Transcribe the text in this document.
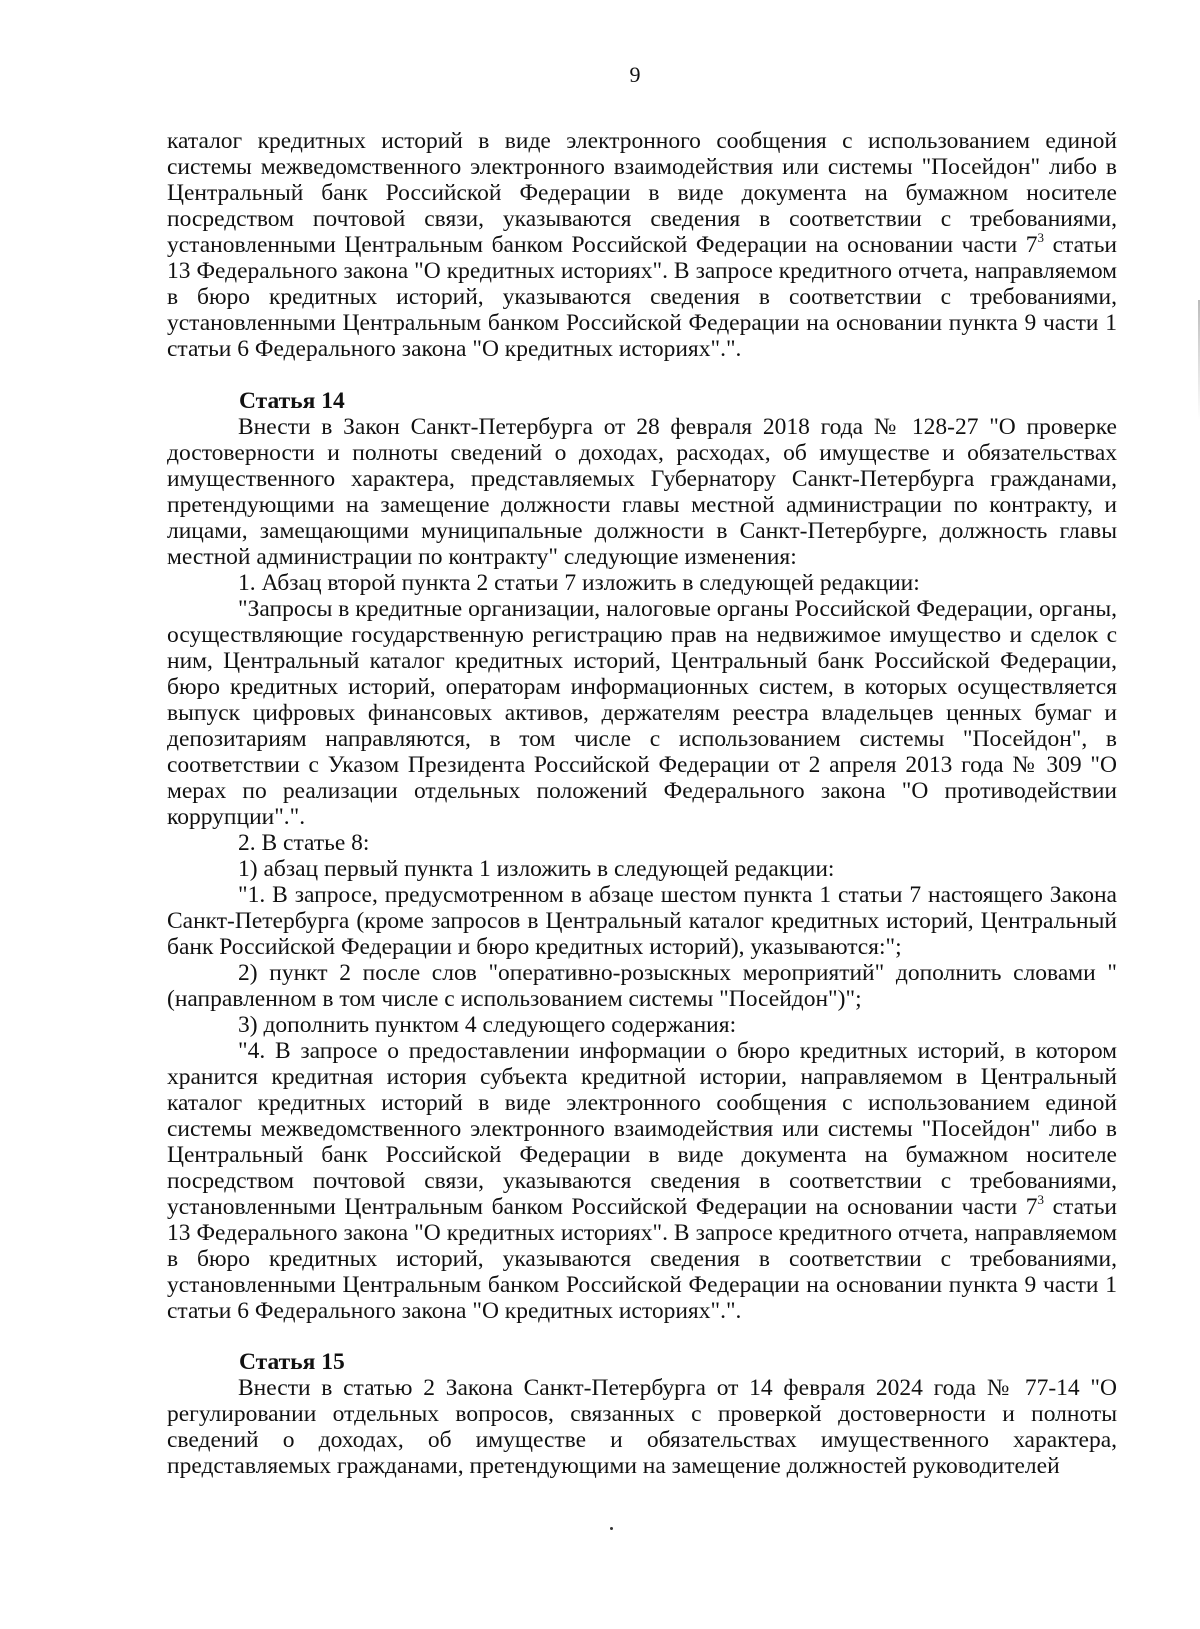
9

каталог кредитных историй в виде электронного сообщения с использованием единой системы межведомственного электронного взаимодействия или системы "Посейдон" либо в Центральный банк Российской Федерации в виде документа на бумажном носителе посредством почтовой связи, указываются сведения в соответствии с требованиями, установленными Центральным банком Российской Федерации на основании части $7^3$ статьи 13 Федерального закона "О кредитных историях". В запросе кредитного отчета, направляемом в бюро кредитных историй, указываются сведения в соответствии с требованиями, установленными Центральным банком Российской Федерации на основании пункта 9 части 1 статьи 6 Федерального закона "О кредитных историях".".

Статья 14

Внести в Закон Санкт-Петербурга от 28 февраля 2018 года № 128-27 "О проверке достоверности и полноты сведений о доходах, расходах, об имуществе и обязательствах имущественного характера, представляемых Губернатору Санкт-Петербурга гражданами, претендующими на замещение должности главы местной администрации по контракту, и лицами, замещающими муниципальные должности в Санкт-Петербурге, должность главы местной администрации по контракту" следующие изменения:

1. Абзац второй пункта 2 статьи 7 изложить в следующей редакции:

"Запросы в кредитные организации, налоговые органы Российской Федерации, органы, осуществляющие государственную регистрацию прав на недвижимое имущество и сделок с ним, Центральный каталог кредитных историй, Центральный банк Российской Федерации, бюро кредитных историй, операторам информационных систем, в которых осуществляется выпуск цифровых финансовых активов, держателям реестра владельцев ценных бумаг и депозитариям направляются, в том числе с использованием системы "Посейдон", в соответствии с Указом Президента Российской Федерации от 2 апреля 2013 года № 309 "О мерах по реализации отдельных положений Федерального закона "О противодействии коррупции".".

2. В статье 8:

1) абзац первый пункта 1 изложить в следующей редакции:

"1. В запросе, предусмотренном в абзаце шестом пункта 1 статьи 7 настоящего Закона Санкт-Петербурга (кроме запросов в Центральный каталог кредитных историй, Центральный банк Российской Федерации и бюро кредитных историй), указываются:";

2) пункт 2 после слов "оперативно-розыскных мероприятий" дополнить словами "(направленном в том числе с использованием системы "Посейдон")";

3) дополнить пунктом 4 следующего содержания:

"4. В запросе о предоставлении информации о бюро кредитных историй, в котором хранится кредитная история субъекта кредитной истории, направляемом в Центральный каталог кредитных историй в виде электронного сообщения с использованием единой системы межведомственного электронного взаимодействия или системы "Посейдон" либо в Центральный банк Российской Федерации в виде документа на бумажном носителе посредством почтовой связи, указываются сведения в соответствии с требованиями, установленными Центральным банком Российской Федерации на основании части $7^3$ статьи 13 Федерального закона "О кредитных историях". В запросе кредитного отчета, направляемом в бюро кредитных историй, указываются сведения в соответствии с требованиями, установленными Центральным банком Российской Федерации на основании пункта 9 части 1 статьи 6 Федерального закона "О кредитных историях".".

Статья 15

Внести в статью 2 Закона Санкт-Петербурга от 14 февраля 2024 года № 77-14 "О регулировании отдельных вопросов, связанных с проверкой достоверности и полноты сведений о доходах, об имуществе и обязательствах имущественного характера, представляемых гражданами, претендующими на замещение должностей руководителей
